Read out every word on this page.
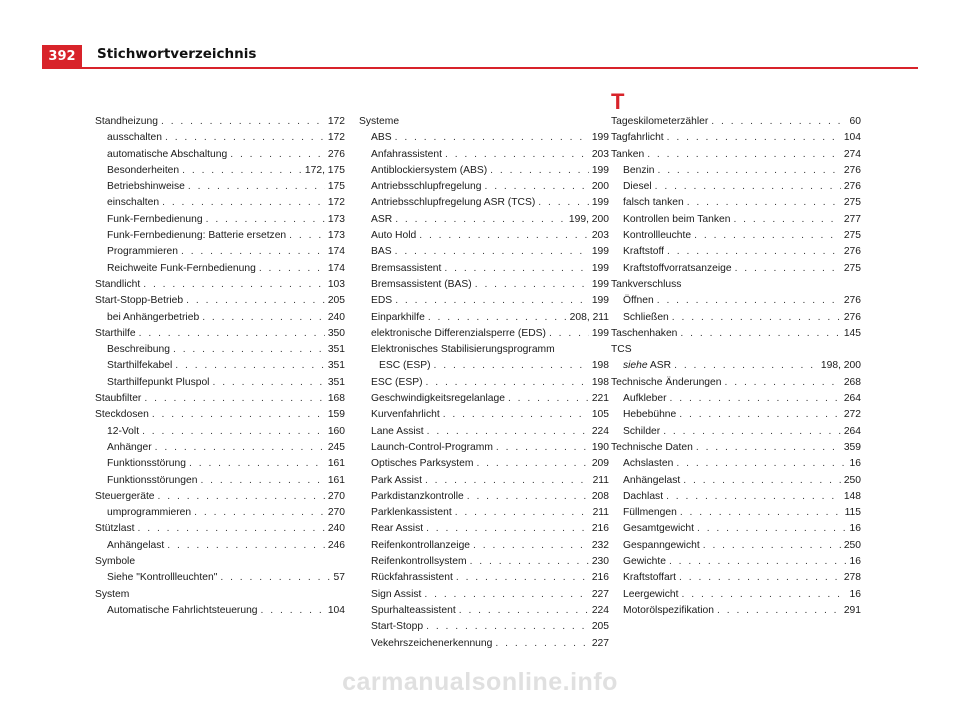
392	Stichwortverzeichnis
Standheizung . . .	172
ausschalten . . .	172
automatische Abschaltung . . .	276
Besonderheiten . . .	172, 175
Betriebshinweise . . .	175
einschalten . . .	172
Funk-Fernbedienung . . .	173
Funk-Fernbedienung: Batterie ersetzen . . .	173
Programmieren . . .	174
Reichweite Funk-Fernbedienung . . .	174
Standlicht . . .	103
Start-Stopp-Betrieb . . .	205
bei Anhängerbetrieb . . .	240
Starthilfe . . .	350
Beschreibung . . .	351
Starthilfekabel . . .	351
Starthilfepunkt Pluspol . . .	351
Staubfilter . . .	168
Steckdosen . . .	159
12-Volt . . .	160
Anhänger . . .	245
Funktionsstörung . . .	161
Funktionsstörungen . . .	161
Steuergeräte . . .	270
umprogrammieren . . .	270
Stützlast . . .	240
Anhängelast . . .	246
Symbole
Siehe "Kontrollleuchten" . . .	57
System
Automatische Fahrlichtsteuerung . . .	104
Systeme
ABS . . .	199
Anfahrassistent . . .	203
Antiblockiersystem (ABS) . . .	199
Antriebsschlupfregelung . . .	200
Antriebsschlupfregelung ASR (TCS) . . .	199
ASR . . .	199, 200
Auto Hold . . .	203
BAS . . .	199
Bremsassistent . . .	199
Bremsassistent (BAS) . . .	199
EDS . . .	199
Einparkhilfe . . .	208, 211
elektronische Differenzialsperre (EDS) . . .	199
Elektronisches Stabilisierungsprogramm
ESC (ESP) . . .	198
ESC (ESP) . . .	198
Geschwindigkeitsregelanlage . . .	221
Kurvenfahrlicht . . .	105
Lane Assist . . .	224
Launch-Control-Programm . . .	190
Optisches Parksystem . . .	209
Park Assist . . .	211
Parkdistanzkontrolle . . .	208
Parklenkassistent . . .	211
Rear Assist . . .	216
Reifenkontrollanzeige . . .	232
Reifenkontrollsystem . . .	230
Rückfahrassistent . . .	216
Sign Assist . . .	227
Spurhalteassistent . . .	224
Start-Stopp . . .	205
Vekehrszeichenerkennung . . .	227
T
Tageskilometerzähler . . .	60
Tagfahrlicht . . .	104
Tanken . . .	274
Benzin . . .	276
Diesel . . .	276
falsch tanken . . .	275
Kontrollen beim Tanken . . .	277
Kontrollleuchte . . .	275
Kraftstoff . . .	276
Kraftstoffvorratsanzeige . . .	275
Tankverschluss
Öffnen . . .	276
Schließen . . .	276
Taschenhaken . . .	145
TCS
siehe ASR . . .	198, 200
Technische Änderungen . . .	268
Aufkleber . . .	264
Hebebühne . . .	272
Schilder . . .	264
Technische Daten . . .	359
Achslasten . . .	16
Anhängelast . . .	250
Dachlast . . .	148
Füllmengen . . .	115
Gesamtgewicht . . .	16
Gespanngewicht . . .	250
Gewichte . . .	16
Kraftstoffart . . .	278
Leergewicht . . .	16
Motorölspezifikation . . .	291
carmanualsonline.info
